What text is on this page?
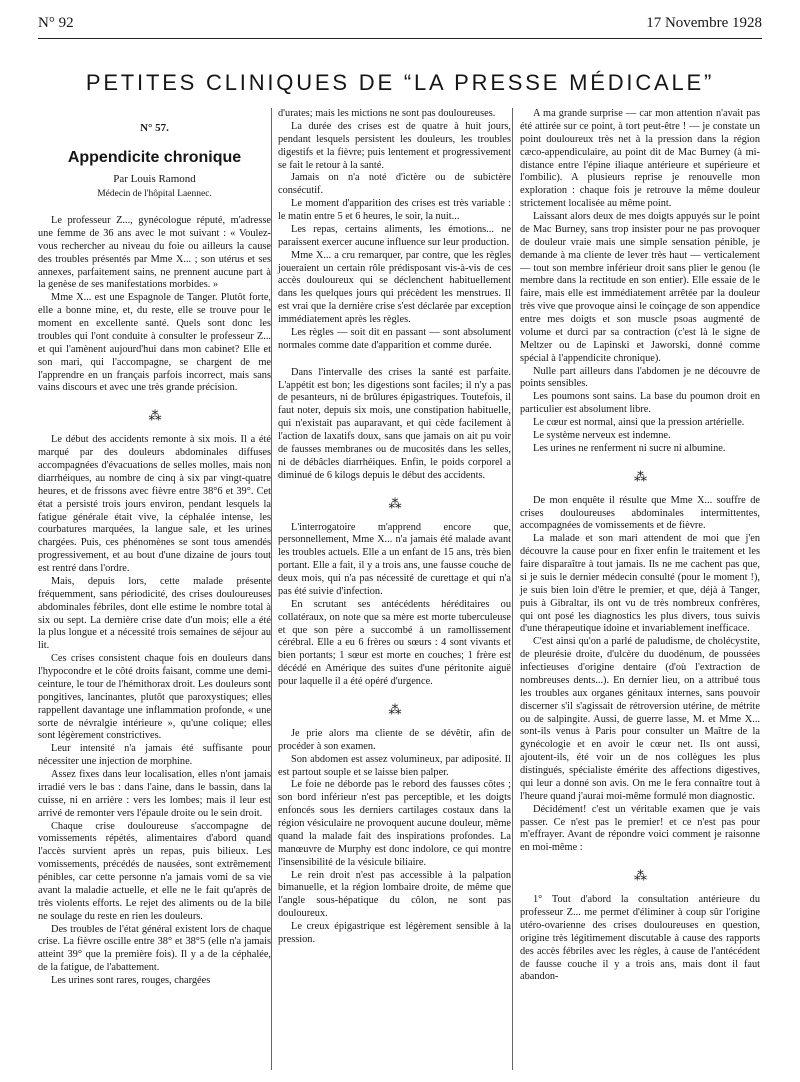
N° 92	17 Novembre 1928
PETITES CLINIQUES DE “LA PRESSE MÉDICALE”
N° 57.
Appendicite chronique
Par Louis Ramond
Médecin de l'hôpital Laennec.

Le professeur Z..., gynécologue réputé, m'adresse une femme de 36 ans avec le mot suivant : « Voulez-vous rechercher au niveau du foie ou ailleurs la cause des troubles présentés par Mme X... ; son utérus et ses annexes, parfaitement sains, ne prennent aucune part à la genèse de ses manifestations morbides. »

Mme X... est une Espagnole de Tanger. Plutôt forte, elle a bonne mine, et, du reste, elle se trouve pour le moment en excellente santé. Quels sont donc les troubles qui l'ont conduite à consulter le professeur Z... et qui l'amènent aujourd'hui dans mon cabinet? Elle et son mari, qui l'accompagne, se chargent de me l'apprendre en un français parfois incorrect, mais sans vains discours et avec une très grande précision.

⁂

Le début des accidents remonte à six mois. Il a été marqué par des douleurs abdominales diffuses accompagnées d'évacuations de selles molles, mais non diarrhéiques, au nombre de cinq à six par vingt-quatre heures, et de frissons avec fièvre entre 38°6 et 39°. Cet état a persisté trois jours environ, pendant lesquels la fatigue générale était vive, la céphalée intense, les courbatures marquées, la langue sale, et les urines chargées. Puis, ces phénomènes se sont tous amendés progressivement, et au bout d'une dizaine de jours tout est rentré dans l'ordre.

Mais, depuis lors, cette malade présente fréquemment, sans périodicité, des crises douloureuses abdominales fébriles, dont elle estime le nombre total à six ou sept. La dernière crise date d'un mois; elle a été la plus longue et a nécessité trois semaines de séjour au lit.

Ces crises consistent chaque fois en douleurs dans l'hypocondre et le côté droits faisant, comme une demi-ceinture, le tour de l'hémithorax droit. Les douleurs sont pongitives, lancinantes, plutôt que paroxystiques; elles rappellent davantage une inflammation profonde, « une sorte de névralgie intérieure », qu'une colique; elles sont légèrement constrictives.

Leur intensité n'a jamais été suffisante pour nécessiter une injection de morphine.

Assez fixes dans leur localisation, elles n'ont jamais irradié vers le bas : dans l'aine, dans le bassin, dans la cuisse, ni en arrière : vers les lombes; mais il leur est arrivé de remonter vers l'épaule droite ou le sein droit.

Chaque crise douloureuse s'accompagne de vomissements répétés, alimentaires d'abord quand l'accès survient après un repas, puis bilieux. Les vomissements, précédés de nausées, sont extrêmement pénibles, car cette personne n'a jamais vomi de sa vie avant la maladie actuelle, et elle ne le fait qu'après de très violents efforts. Le rejet des aliments ou de la bile ne soulage du reste en rien les douleurs.

Des troubles de l'état général existent lors de chaque crise. La fièvre oscille entre 38° et 38°5 (elle n'a jamais atteint 39° que la première fois). Il y a de la céphalée, de la fatigue, de l'abattement.

Les urines sont rares, rouges, chargées

d'urates; mais les mictions ne sont pas douloureuses.

La durée des crises est de quatre à huit jours, pendant lesquels persistent les douleurs, les troubles digestifs et la fièvre; puis lentement et progressivement se fait le retour à la santé.

Jamais on n'a noté d'ictère ou de subictère consécutif.

Le moment d'apparition des crises est très variable : le matin entre 5 et 6 heures, le soir, la nuit...

Les repas, certains aliments, les émotions... ne paraissent exercer aucune influence sur leur production.

Mme X... a cru remarquer, par contre, que les règles joueraient un certain rôle prédisposant vis-à-vis de ces accès douloureux qui se déclenchent habituellement dans les quelques jours qui précèdent les menstrues. Il est vrai que la dernière crise s'est déclarée par exception immédiatement après les règles.

Les règles — soit dit en passant — sont absolument normales comme date d'apparition et comme durée.

Dans l'intervalle des crises la santé est parfaite. L'appétit est bon; les digestions sont faciles; il n'y a pas de pesanteurs, ni de brûlures épigastriques. Toutefois, il faut noter, depuis six mois, une constipation habituelle, qui n'existait pas auparavant, et qui cède facilement à l'action de laxatifs doux, sans que jamais on ait pu voir de fausses membranes ou de mucosités dans les selles, ni de débâcles diarrhéiques. Enfin, le poids corporel a diminué de 6 kilogs depuis le début des accidents.

⁂

L'interrogatoire m'apprend encore que, personnellement, Mme X... n'a jamais été malade avant les troubles actuels. Elle a un enfant de 15 ans, très bien portant. Elle a fait, il y a trois ans, une fausse couche de deux mois, qui n'a pas nécessité de curettage et qui n'a pas été suivie d'infection.

En scrutant ses antécédents héréditaires ou collatéraux, on note que sa mère est morte tuberculeuse et que son père a succombé à un ramollissement cérébral. Elle a eu 6 frères ou sœurs : 4 sont vivants et bien portants; 1 sœur est morte en couches; 1 frère est décédé en Amérique des suites d'une péritonite aiguë pour laquelle il a été opéré d'urgence.

⁂

Je prie alors ma cliente de se dévêtir, afin de procéder à son examen.

Son abdomen est assez volumineux, par adiposité. Il est partout souple et se laisse bien palper.

Le foie ne déborde pas le rebord des fausses côtes ; son bord inférieur n'est pas perceptible, et les doigts enfoncés sous les derniers cartilages costaux dans la région vésiculaire ne provoquent aucune douleur, même quand la malade fait des inspirations profondes. La manœuvre de Murphy est donc indolore, ce qui montre l'insensibilité de la vésicule biliaire.

Le rein droit n'est pas accessible à la palpation bimanuelle, et la région lombaire droite, de même que l'angle sous-hépatique du côlon, ne sont pas douloureux.

Le creux épigastrique est légèrement sensible à la pression.

A ma grande surprise — car mon attention n'avait pas été attirée sur ce point, à tort peut-être ! — je constate un point douloureux très net à la pression dans la région cæco-appendiculaire, au point dit de Mac Burney (à mi-distance entre l'épine iliaque antérieure et supérieure et l'ombilic). A plusieurs reprise je renouvelle mon exploration : chaque fois je retrouve la même douleur strictement localisée au même point.

Laissant alors deux de mes doigts appuyés sur le point de Mac Burney, sans trop insister pour ne pas provoquer de douleur vraie mais une simple sensation pénible, je demande à ma cliente de lever très haut — verticalement — tout son membre inférieur droit sans plier le genou (le membre dans la rectitude en son entier). Elle essaie de le faire, mais elle est immédiatement arrêtée par la douleur très vive que provoque ainsi le coinçage de son appendice entre mes doigts et son muscle psoas augmenté de volume et durci par sa contraction (c'est là le signe de Meltzer ou de Lapinski et Jaworski, donné comme spécial à l'appendicite chronique).

Nulle part ailleurs dans l'abdomen je ne découvre de points sensibles.

Les poumons sont sains. La base du poumon droit en particulier est absolument libre.

Le cœur est normal, ainsi que la pression artérielle.

Le système nerveux est indemne.

Les urines ne renferment ni sucre ni albumine.

⁂

De mon enquête il résulte que Mme X... souffre de crises douloureuses abdominales intermittentes, accompagnées de vomissements et de fièvre.

La malade et son mari attendent de moi que j'en découvre la cause pour en fixer enfin le traitement et les faire disparaître à tout jamais. Ils ne me cachent pas que, si je suis le dernier médecin consulté (pour le moment !), je suis bien loin d'être le premier, et que, déjà à Tanger, puis à Gibraltar, ils ont vu de très nombreux confrères, qui ont posé les diagnostics les plus divers, tous suivis d'une thérapeutique idoine et invariablement inefficace.

C'est ainsi qu'on a parlé de paludisme, de cholécystite, de pleurésie droite, d'ulcère du duodénum, de poussées infectieuses d'origine dentaire (d'où l'extraction de nombreuses dents...). En dernier lieu, on a attribué tous les troubles aux organes génitaux internes, sans pouvoir discerner s'il s'agissait de rétroversion utérine, de métrite ou de salpingite. Aussi, de guerre lasse, M. et Mme X... sont-ils venus à Paris pour consulter un Maître de la gynécologie et en avoir le cœur net. Ils ont aussi, ajoutent-ils, été voir un de nos collègues les plus distingués, spécialiste émérite des affections digestives, qui leur a donné son avis. On me le fera connaître tout à l'heure quand j'aurai moi-même formulé mon diagnostic.

Décidément! c'est un véritable examen que je vais passer. Ce n'est pas le premier! et ce n'est pas pour m'effrayer. Avant de répondre voici comment je raisonne en moi-même :

⁂

1° Tout d'abord la consultation antérieure du professeur Z... me permet d'éliminer à coup sûr l'origine utéro-ovarienne des crises douloureuses en question, origine très légitimement discutable à cause des rapports des accès fébriles avec les règles, à cause de l'antécédent de fausse couche il y a trois ans, mais dont il faut abandon-
